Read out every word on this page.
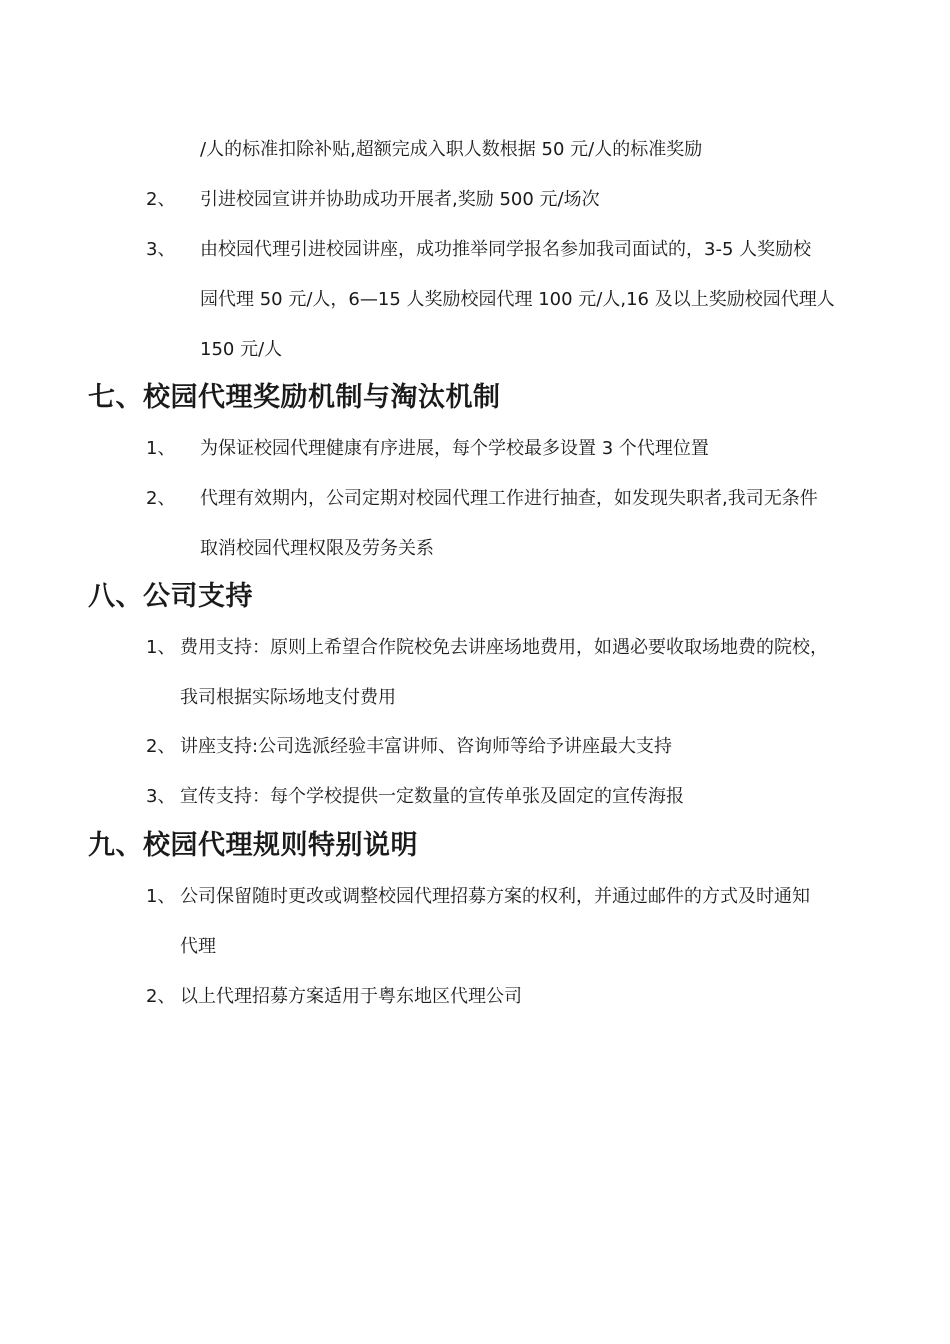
/人的标准扣除补贴,超额完成入职人数根据 50 元/人的标准奖励

2、 引进校园宣讲并协助成功开展者,奖励 500 元/场次

3、 由校园代理引进校园讲座，成功推举同学报名参加我司面试的，3-5 人奖励校

园代理 50 元/人，6—15 人奖励校园代理 100 元/人,16 及以上奖励校园代理人

150 元/人

七、校园代理奖励机制与淘汰机制
1、 为保证校园代理健康有序进展，每个学校最多设置 3 个代理位置

2、 代理有效期内，公司定期对校园代理工作进行抽查，如发现失职者,我司无条件

取消校园代理权限及劳务关系

八、公司支持
1、 费用支持：原则上希望合作院校免去讲座场地费用，如遇必要收取场地费的院校，

我司根据实际场地支付费用

2、 讲座支持:公司选派经验丰富讲师、咨询师等给予讲座最大支持

3、 宣传支持：每个学校提供一定数量的宣传单张及固定的宣传海报

九、校园代理规则特别说明
1、 公司保留随时更改或调整校园代理招募方案的权利，并通过邮件的方式及时通知

代理

2、 以上代理招募方案适用于粤东地区代理公司
